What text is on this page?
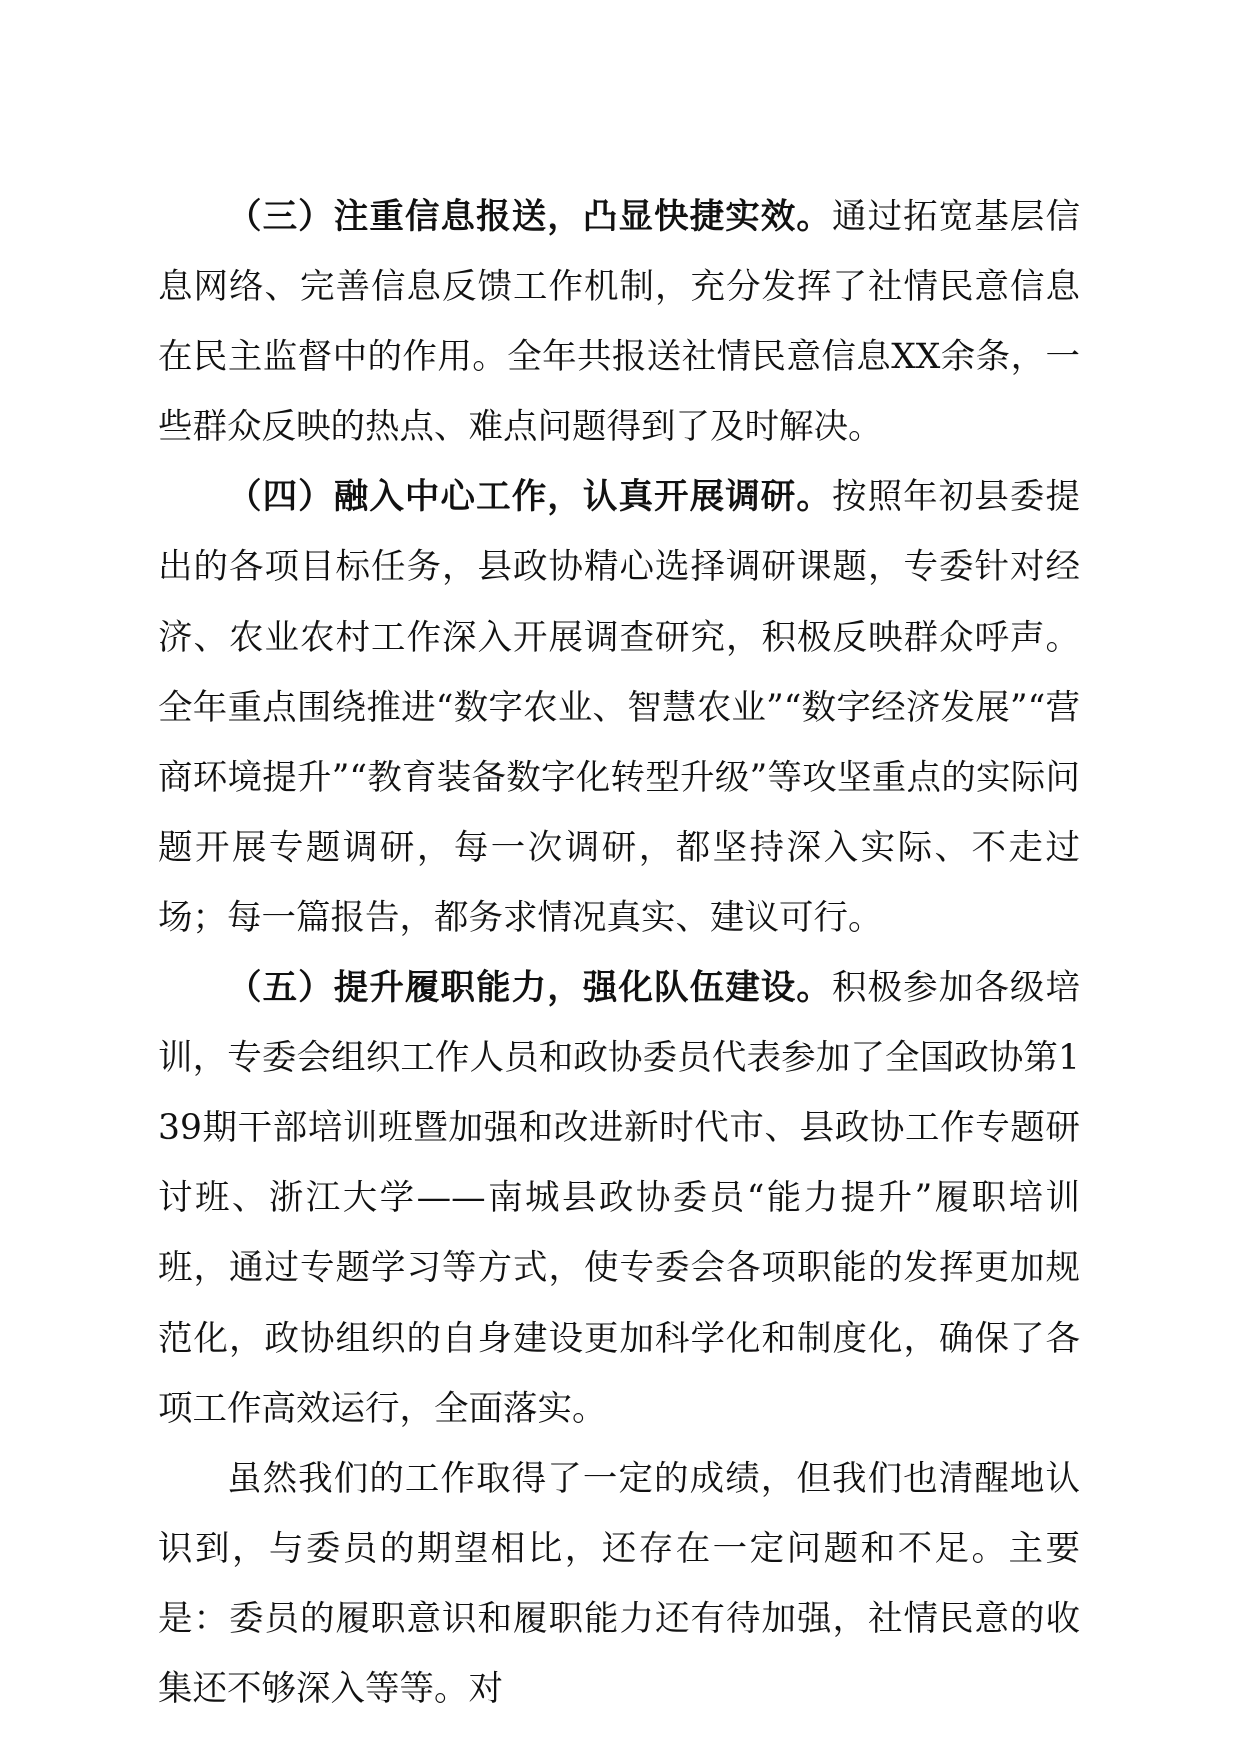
（三）注重信息报送，凸显快捷实效。通过拓宽基层信息网络、完善信息反馈工作机制，充分发挥了社情民意信息在民主监督中的作用。全年共报送社情民意信息XX余条，一些群众反映的热点、难点问题得到了及时解决。

（四）融入中心工作，认真开展调研。按照年初县委提出的各项目标任务，县政协精心选择调研课题，专委针对经济、农业农村工作深入开展调查研究，积极反映群众呼声。全年重点围绕推进“数字农业、智慧农业”“数字经济发展”“营商环境提升”“教育装备数字化转型升级”等攻坚重点的实际问题开展专题调研，每一次调研，都坚持深入实际、不走过场；每一篇报告，都务求情况真实、建议可行。

（五）提升履职能力，强化队伍建设。积极参加各级培训，专委会组织工作人员和政协委员代表参加了全国政协第139期干部培训班暨加强和改进新时代市、县政协工作专题研讨班、浙江大学——南城县政协委员“能力提升”履职培训班，通过专题学习等方式，使专委会各项职能的发挥更加规范化，政协组织的自身建设更加科学化和制度化，确保了各项工作高效运行，全面落实。

虽然我们的工作取得了一定的成绩，但我们也清醒地认识到，与委员的期望相比，还存在一定问题和不足。主要是：委员的履职意识和履职能力还有待加强，社情民意的收集还不够深入等等。对
